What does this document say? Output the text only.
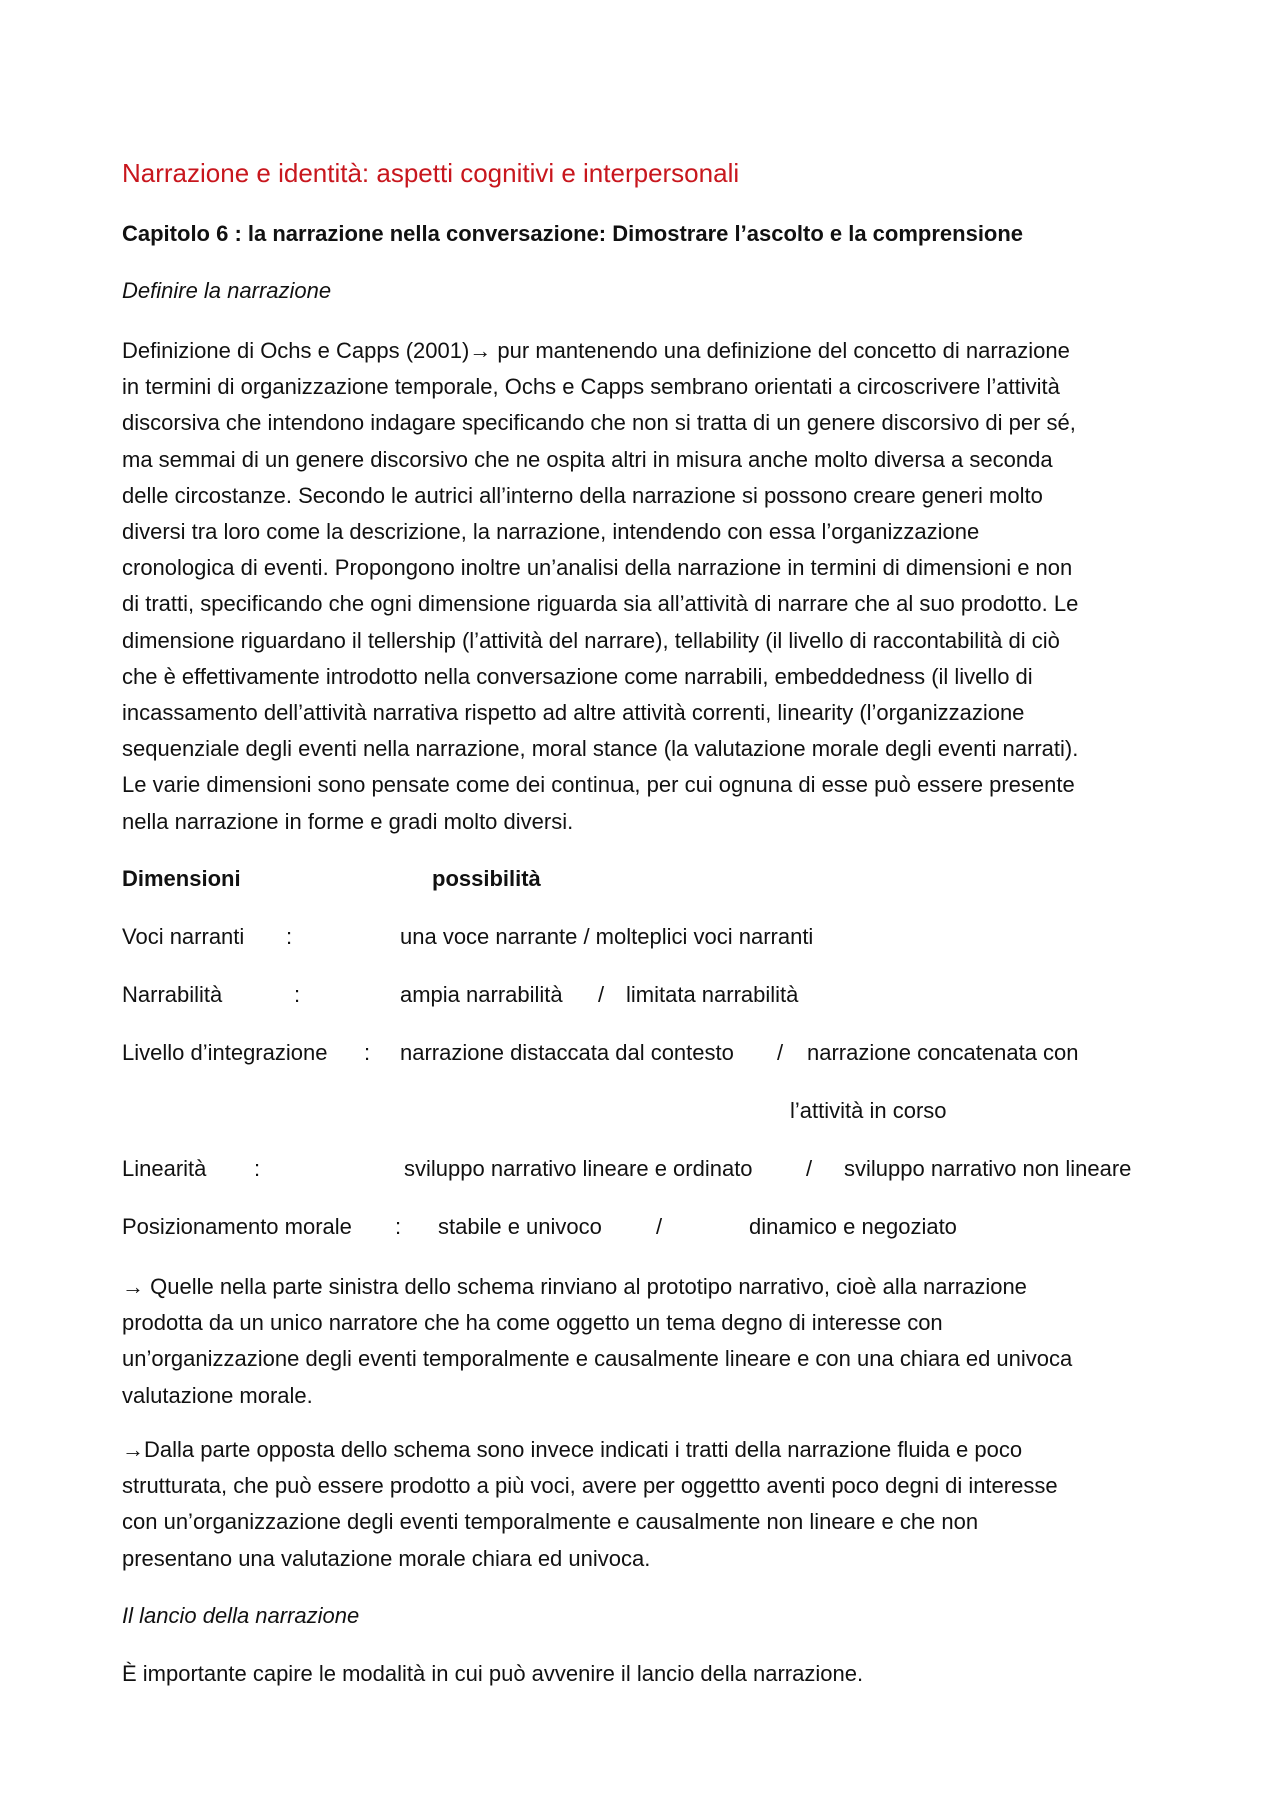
Narrazione e identità: aspetti cognitivi e interpersonali
Capitolo 6 : la narrazione nella conversazione: Dimostrare l’ascolto e la comprensione
Definire la narrazione

Definizione di Ochs e Capps (2001)→ pur mantenendo una definizione del concetto di narrazione

in termini di organizzazione temporale, Ochs e Capps sembrano orientati a circoscrivere l’attività

discorsiva che intendono indagare specificando che non si tratta di un genere discorsivo di per sé,

ma semmai di un genere discorsivo che ne ospita altri in misura anche molto diversa a seconda

delle circostanze. Secondo le autrici all’interno della narrazione si possono creare generi molto

diversi tra loro come la descrizione, la narrazione, intendendo con essa l’organizzazione

cronologica di eventi. Propongono inoltre un’analisi della narrazione in termini di dimensioni e non

di tratti, specificando che ogni dimensione riguarda sia all’attività di narrare che al suo prodotto. Le

dimensione riguardano il tellership (l’attività del narrare), tellability (il livello di raccontabilità di ciò

che è effettivamente introdotto nella conversazione come narrabili, embeddedness (il livello di

incassamento dell’attività narrativa rispetto ad altre attività correnti, linearity (l’organizzazione

sequenziale degli eventi nella narrazione, moral stance (la valutazione morale degli eventi narrati).

Le varie dimensioni sono pensate come dei continua, per cui ognuna di esse può essere presente

nella narrazione in forme e gradi molto diversi.

Dimensioni	possibilità
Voci narranti :	una voce narrante / molteplici voci narranti
Narrabilità	:	ampia narrabilità / limitata narrabilità
Livello d’integrazione : narrazione distaccata dal contesto / narrazione concatenata con
l’attività in corso
Linearità :	sviluppo narrativo lineare e ordinato / sviluppo narrativo non lineare
Posizionamento morale : stabile e univoco /	dinamico e negoziato

→ Quelle nella parte sinistra dello schema rinviano al prototipo narrativo, cioè alla narrazione

prodotta da un unico narratore che ha come oggetto un tema degno di interesse con

un’organizzazione degli eventi temporalmente e causalmente lineare e con una chiara ed univoca

valutazione morale.

→Dalla parte opposta dello schema sono invece indicati i tratti della narrazione fluida e poco

strutturata, che può essere prodotto a più voci, avere per oggettto aventi poco degni di interesse

con un’organizzazione degli eventi temporalmente e causalmente non lineare e che non

presentano una valutazione morale chiara ed univoca.

Il lancio della narrazione
È importante capire le modalità in cui può avvenire il lancio della narrazione.
